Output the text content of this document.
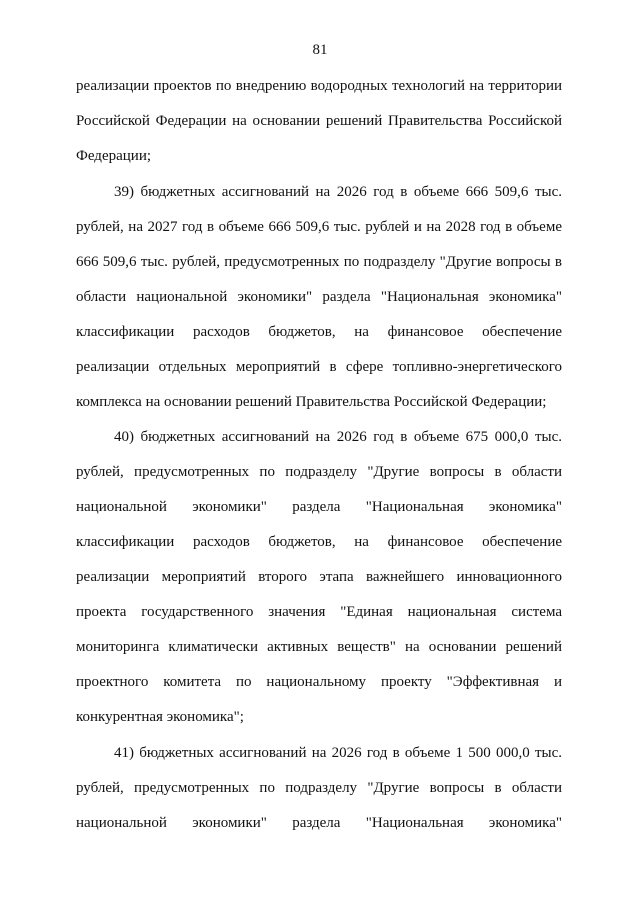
81
реализации проектов по внедрению водородных технологий на территории
Российской Федерации на основании решений Правительства Российской
Федерации;
39) бюджетных ассигнований на 2026 год в объеме 666 509,6 тыс.
рублей, на 2027 год в объеме 666 509,6 тыс. рублей и на 2028 год в объеме
666 509,6 тыс. рублей, предусмотренных по подразделу "Другие вопросы в
области национальной экономики" раздела "Национальная экономика"
классификации расходов бюджетов, на финансовое обеспечение
реализации отдельных мероприятий в сфере топливно-энергетического
комплекса на основании решений Правительства Российской Федерации;
40) бюджетных ассигнований на 2026 год в объеме 675 000,0 тыс.
рублей, предусмотренных по подразделу "Другие вопросы в области
национальной экономики" раздела "Национальная экономика"
классификации расходов бюджетов, на финансовое обеспечение
реализации мероприятий второго этапа важнейшего инновационного
проекта государственного значения "Единая национальная система
мониторинга климатически активных веществ" на основании решений
проектного комитета по национальному проекту "Эффективная и
конкурентная экономика";
41) бюджетных ассигнований на 2026 год в объеме 1 500 000,0 тыс.
рублей, предусмотренных по подразделу "Другие вопросы в области
национальной экономики" раздела "Национальная экономика"
